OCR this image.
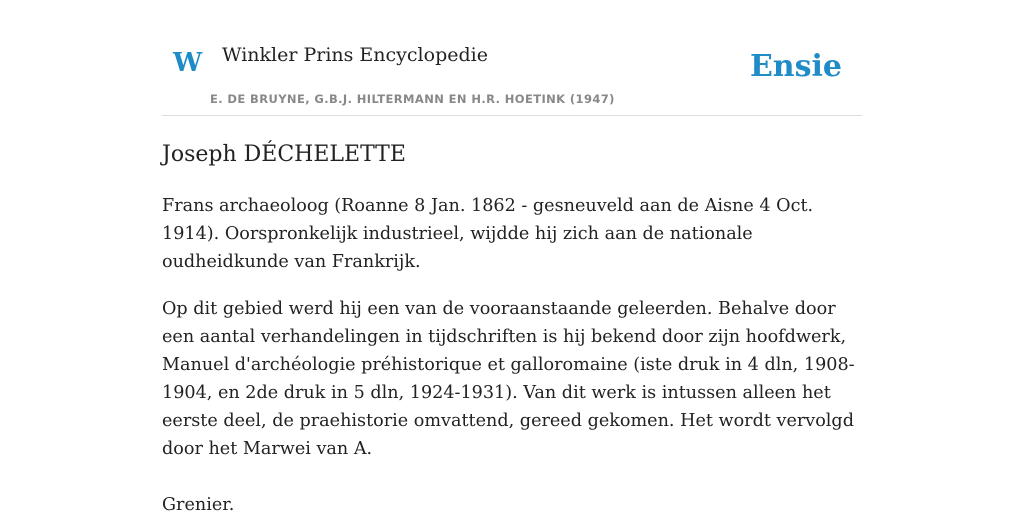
W Winkler Prins Encyclopedie
E. DE BRUYNE, G.B.J. HILTERMANN EN H.R. HOETINK (1947)
Ensie
Joseph DÉCHELETTE

Frans archaeoloog (Roanne 8 Jan. 1862 - gesneuveld aan de Aisne 4 Oct. 1914). Oorspronkelijk industrieel, wijdde hij zich aan de nationale oudheidkunde van Frankrijk.

Op dit gebied werd hij een van de vooraanstaande geleerden. Behalve door een aantal verhandelingen in tijdschriften is hij bekend door zijn hoofdwerk, Manuel d'archéologie préhistorique et galloromaine (iste druk in 4 dln, 1908-1904, en 2de druk in 5 dln, 1924-1931). Van dit werk is intussen alleen het eerste deel, de praehistorie omvattend, gereed gekomen. Het wordt vervolgd door het Marwei van A.

Grenier.
